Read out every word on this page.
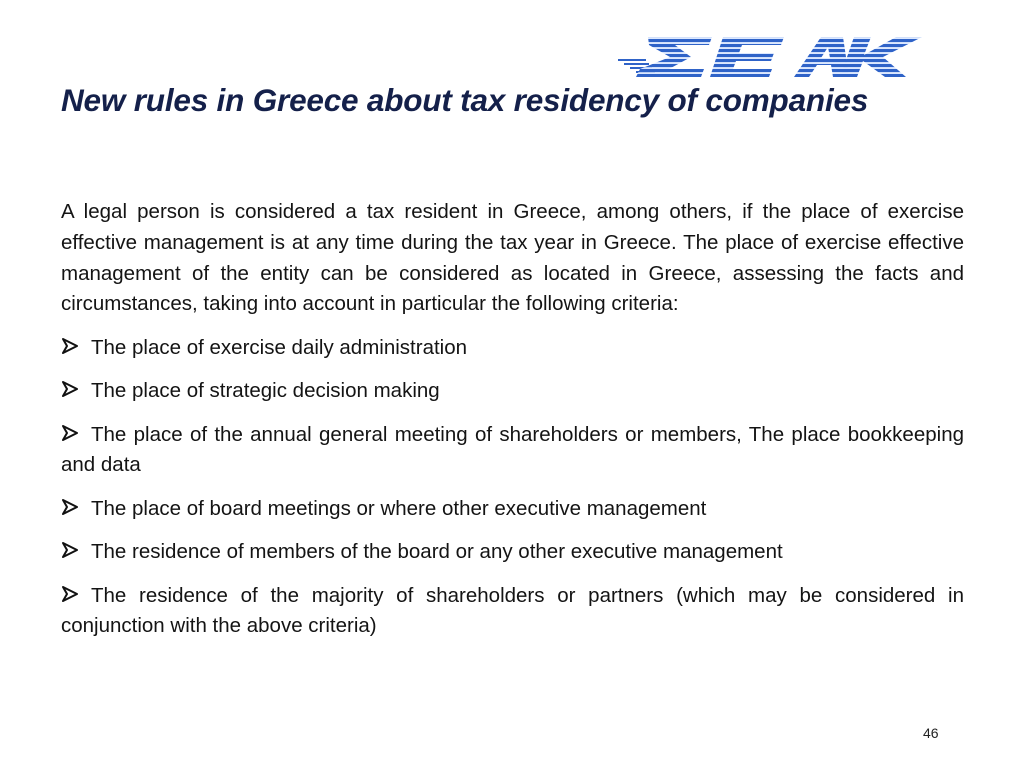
New rules in Greece about tax residency of companies

A legal person is considered a tax resident in Greece, among others, if the place of exercise effective management is at any time during the tax year in Greece. The place of exercise effective management of the entity can be considered as located in Greece, assessing the facts and circumstances, taking into account in particular the following criteria:

The place of exercise daily administration
The place of strategic decision making
The place of the annual general meeting of shareholders or members, The place bookkeeping and data
The place of board meetings or where other executive management
The residence of members of the board or any other executive management
The residence of the majority of shareholders or partners (which may be considered in conjunction with the above criteria)
46
